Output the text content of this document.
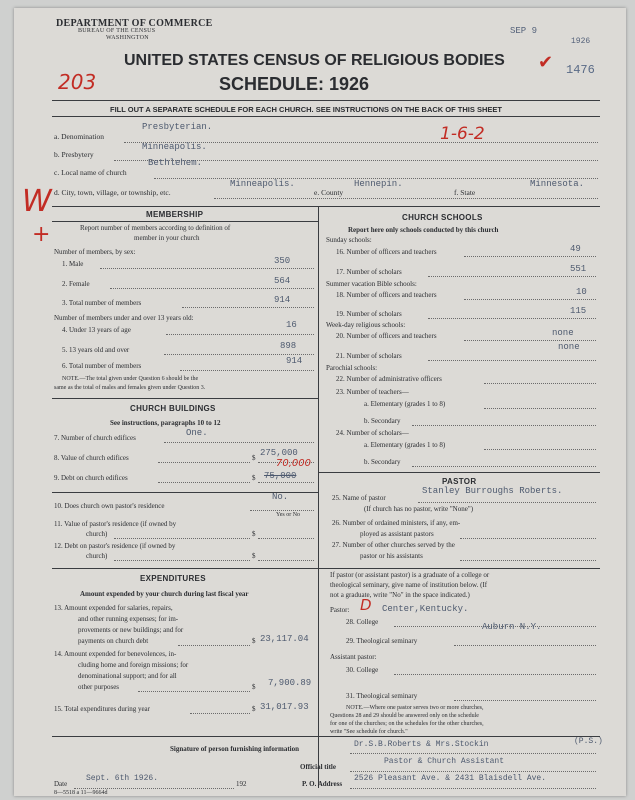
DEPARTMENT OF COMMERCE
BUREAU OF THE CENSUS
WASHINGTON
SEP 9
1926
1476
UNITED STATES CENSUS OF RELIGIOUS BODIES
SCHEDULE: 1926
203
✔
FILL OUT A SEPARATE SCHEDULE FOR EACH CHURCH. SEE INSTRUCTIONS ON THE BACK OF THIS SHEET
a. Denomination
Presbyterian.	1-6-2
b. Presbytery
Minneapolis.
c. Local name of church
Bethlehem.
d. City, town, village, or township, etc.
Minneapolis.
e. County
Hennepin.
f. State
Minnesota.
W
+
MEMBERSHIP
Report number of members according to definition of
member in your church
Number of members, by sex:
1. Male	350
2. Female	564
3. Total number of members	914
Number of members under and over 13 years old:
4. Under 13 years of age	16
5. 13 years old and over	898
6. Total number of members	914
NOTE.—The total given under Question 6 should be the
same as the total of males and females given under Question 3.
CHURCH BUILDINGS
See instructions, paragraphs 10 to 12
7. Number of church edifices	One.
8. Value of church edifices	$ 275,000
9. Debt on church edifices	$ 75,000
70,000
10. Does church own pastor's residence
No.
Yes or No
11. Value of pastor's residence (if owned by
church)	$
12. Debt on pastor's residence (if owned by
church)	$
EXPENDITURES
Amount expended by your church during last fiscal year
13. Amount expended for salaries, repairs,
and other running expenses; for im-
provements or new buildings; and for
payments on church debt	$ 23,117.04
14. Amount expended for benevolences, in-
cluding home and foreign missions; for
denominational support; and for all
other purposes	$ 7,900.89
15. Total expenditures during year	$ 31,017.93
CHURCH SCHOOLS
Report here only schools conducted by this church
Sunday schools:
16. Number of officers and teachers	49
17. Number of scholars	551
Summer vacation Bible schools:
18. Number of officers and teachers	10
19. Number of scholars	115
Week-day religious schools:
20. Number of officers and teachers	none
21. Number of scholars
none
Parochial schools:
22. Number of administrative officers
23. Number of teachers—
a. Elementary (grades 1 to 8)
b. Secondary
24. Number of scholars—
a. Elementary (grades 1 to 8)
b. Secondary
PASTOR
25. Name of pastor
Stanley Burroughs Roberts.
(If church has no pastor, write "None")
26. Number of ordained ministers, if any, em-
ployed as assistant pastors
27. Number of other churches served by the
pastor or his assistants
If pastor (or assistant pastor) is a graduate of a college or
theological seminary, give name of institution below. (If
not a graduate, write "No" in the space indicated.)
Pastor: D Center,Kentucky.
28. College	Auburn N.Y.
29. Theological seminary
Assistant pastor:
30. College
31. Theological seminary
NOTE.—Where one pastor serves two or more churches,
Questions 28 and 29 should be answered only on the schedule
for one of the churches; on the schedules for the other churches,
write "See schedule for church."
Signature of person furnishing information	Dr.S.B.Roberts & Mrs.Stockin	(P.S.)
Official title
Pastor & Church Assistant
Date
Sept. 6th 1926.
192	P. O. Address
2526 Pleasant Ave. & 2431 Blaisdell Ave.
8—5518 a 11—9664d
